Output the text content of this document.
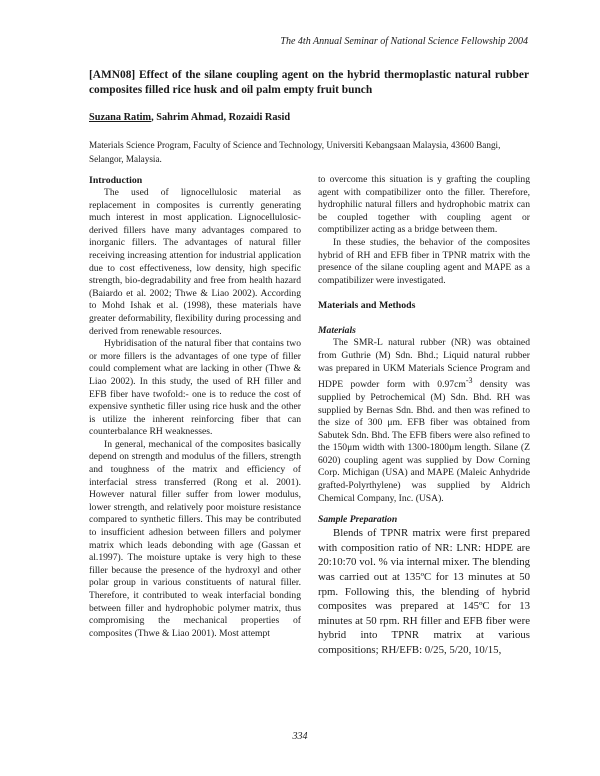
The 4th Annual Seminar of National Science Fellowship 2004
[AMN08] Effect of the silane coupling agent on the hybrid thermoplastic natural rubber composites filled rice husk and oil palm empty fruit bunch
Suzana Ratim, Sahrim Ahmad, Rozaidi Rasid

Materials Science Program, Faculty of Science and Technology, Universiti Kebangsaan Malaysia, 43600 Bangi, Selangor, Malaysia.

Introduction

The used of lignocellulosic material as replacement in composites is currently generating much interest in most application. Lignocellulosic-derived fillers have many advantages compared to inorganic fillers. The advantages of natural filler receiving increasing attention for industrial application due to cost effectiveness, low density, high specific strength, bio-degradability and free from health hazard (Baiardo et al. 2002; Thwe & Liao 2002). According to Mohd Ishak et al. (1998), these materials have greater deformability, flexibility during processing and derived from renewable resources.

Hybridisation of the natural fiber that contains two or more fillers is the advantages of one type of filler could complement what are lacking in other (Thwe & Liao 2002). In this study, the used of RH filler and EFB fiber have twofold:- one is to reduce the cost of expensive synthetic filler using rice husk and the other is utilize the inherent reinforcing fiber that can counterbalance RH weaknesses.

In general, mechanical of the composites basically depend on strength and modulus of the fillers, strength and toughness of the matrix and efficiency of interfacial stress transferred (Rong et al. 2001). However natural filler suffer from lower modulus, lower strength, and relatively poor moisture resistance compared to synthetic fillers. This may be contributed to insufficient adhesion between fillers and polymer matrix which leads debonding with age (Gassan et al.1997). The moisture uptake is very high to these filler because the presence of the hydroxyl and other polar group in various constituents of natural filler. Therefore, it contributed to weak interfacial bonding between filler and hydrophobic polymer matrix, thus compromising the mechanical properties of composites (Thwe & Liao 2001). Most attempt

to overcome this situation is y grafting the coupling agent with compatibilizer onto the filler. Therefore, hydrophilic natural fillers and hydrophobic matrix can be coupled together with coupling agent or comptibilizer acting as a bridge between them.

In these studies, the behavior of the composites hybrid of RH and EFB fiber in TPNR matrix with the presence of the silane coupling agent and MAPE as a compatibilizer were investigated.

Materials and Methods
Materials

The SMR-L natural rubber (NR) was obtained from Guthrie (M) Sdn. Bhd.; Liquid natural rubber was prepared in UKM Materials Science Program and HDPE powder form with $0.97cm^{-3}$ density was supplied by Petrochemical (M) Sdn. Bhd. RH was supplied by Bernas Sdn. Bhd. and then was refined to the size of 300 μm. EFB fiber was obtained from Sabutek Sdn. Bhd. The EFB fibers were also refined to the 150μm width with 1300-1800μm length. Silane (Z 6020) coupling agent was supplied by Dow Corning Corp. Michigan (USA) and MAPE (Maleic Anhydride grafted-Polyrthylene) was supplied by Aldrich Chemical Company, Inc. (USA).

Sample Preparation

Blends of TPNR matrix were first prepared with composition ratio of NR: LNR: HDPE are 20:10:70 vol. % via internal mixer. The blending was carried out at 135ºC for 13 minutes at 50 rpm. Following this, the blending of hybrid composites was prepared at 145ºC for 13 minutes at 50 rpm. RH filler and EFB fiber were hybrid into TPNR matrix at various compositions; RH/EFB: 0/25, 5/20, 10/15,

334
